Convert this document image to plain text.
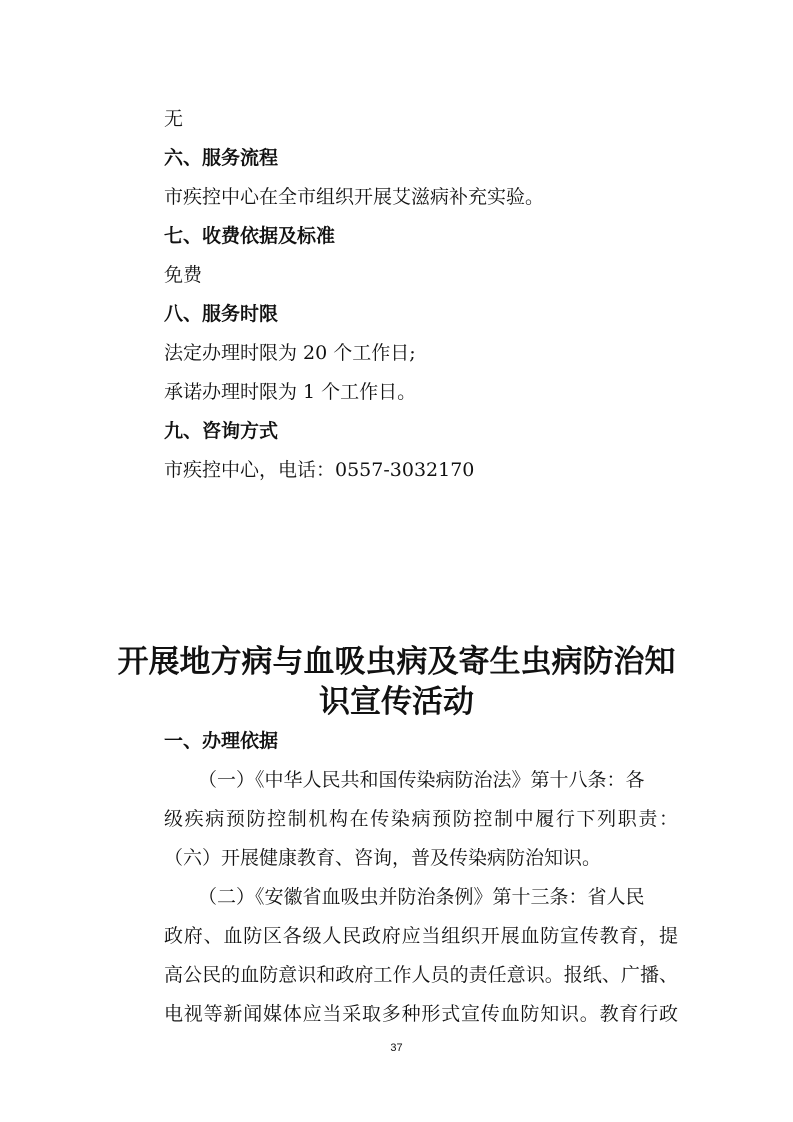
无
六、服务流程
市疾控中心在全市组织开展艾滋病补充实验。
七、收费依据及标准
免费
八、服务时限
法定办理时限为 20 个工作日;
承诺办理时限为 1 个工作日。
九、咨询方式
市疾控中心，电话：0557-3032170
开展地方病与血吸虫病及寄生虫病防治知
识宣传活动
一、办理依据
（一）《中华人民共和国传染病防治法》第十八条：各
级疾病预防控制机构在传染病预防控制中履行下列职责：
（六）开展健康教育、咨询，普及传染病防治知识。
（二）《安徽省血吸虫并防治条例》第十三条：省人民
政府、血防区各级人民政府应当组织开展血防宣传教育，提
高公民的血防意识和政府工作人员的责任意识。报纸、广播、
电视等新闻媒体应当采取多种形式宣传血防知识。教育行政
37
